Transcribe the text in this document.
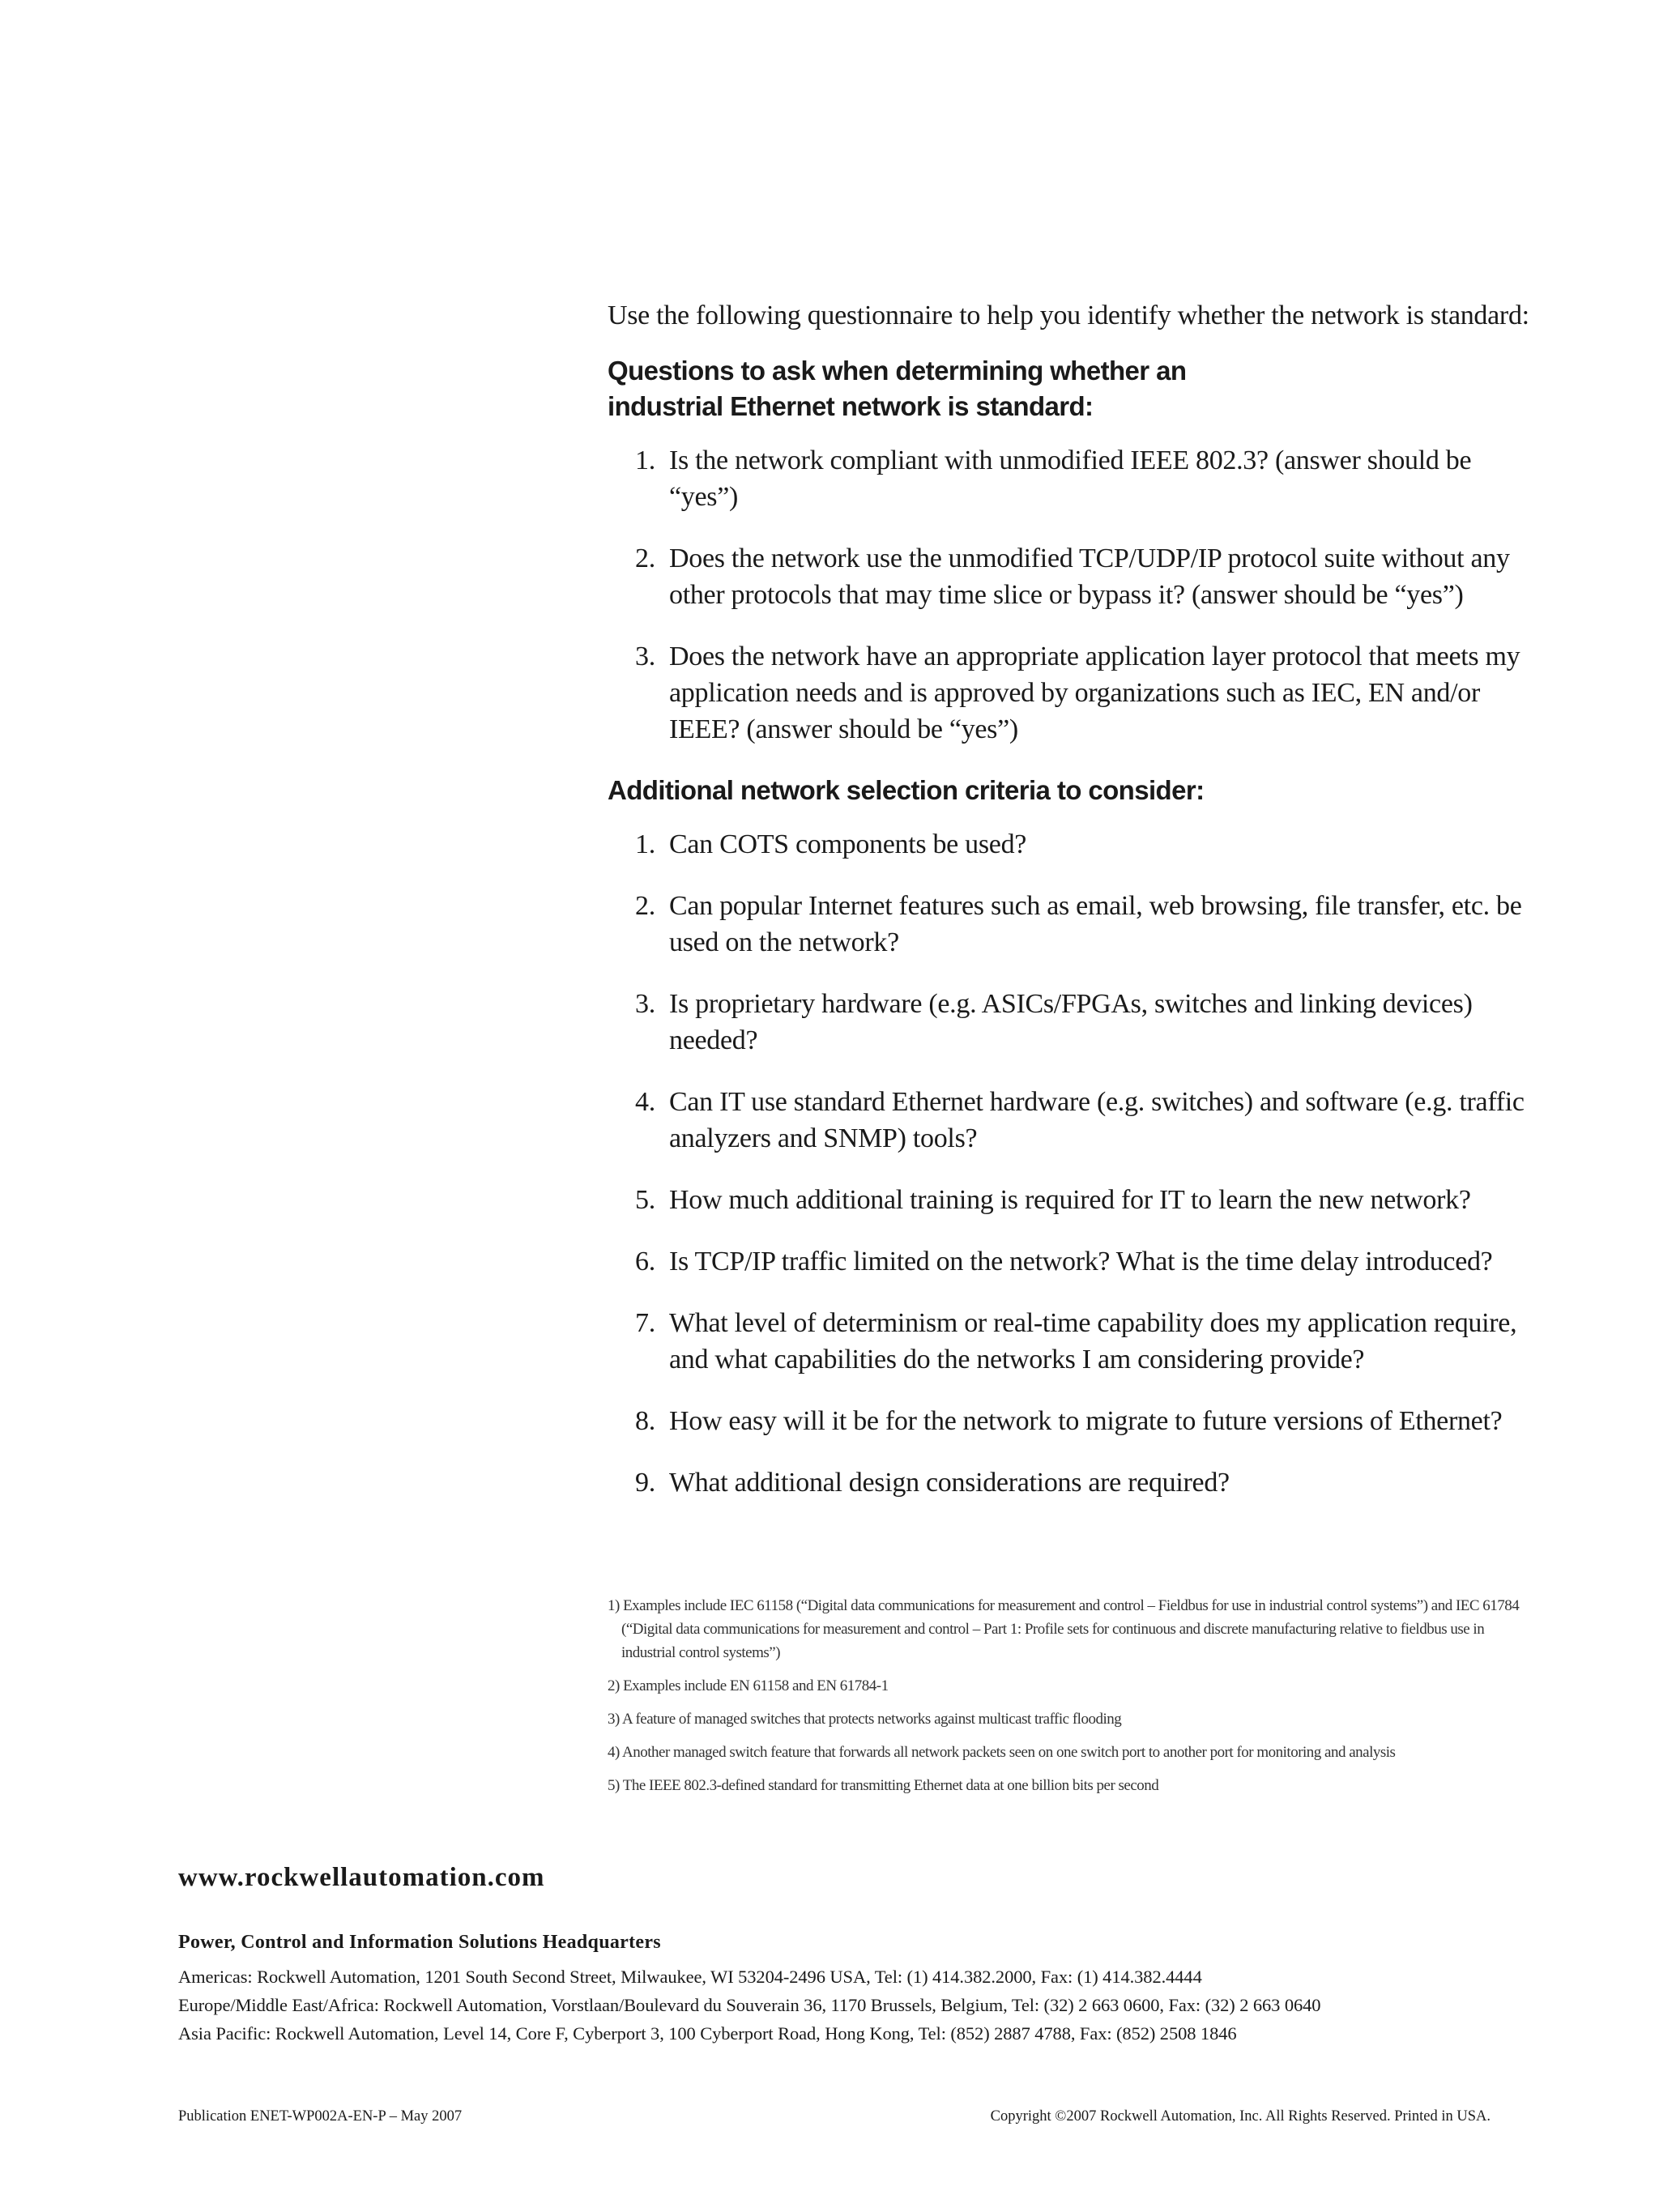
Use the following questionnaire to help you identify whether the network is standard:

Questions to ask when determining whether an
industrial Ethernet network is standard:
1. Is the network compliant with unmodified IEEE 802.3? (answer should be “yes”)
2. Does the network use the unmodified TCP/UDP/IP protocol suite without any other protocols that may time slice or bypass it? (answer should be “yes”)
3. Does the network have an appropriate application layer protocol that meets my application needs and is approved by organizations such as IEC, EN and/or IEEE? (answer should be “yes”)
Additional network selection criteria to consider:
1. Can COTS components be used?
2. Can popular Internet features such as email, web browsing, file transfer, etc. be used on the network?
3. Is proprietary hardware (e.g. ASICs/FPGAs, switches and linking devices) needed?
4. Can IT use standard Ethernet hardware (e.g. switches) and software (e.g. traffic analyzers and SNMP) tools?
5. How much additional training is required for IT to learn the new network?
6. Is TCP/IP traffic limited on the network? What is the time delay introduced?
7. What level of determinism or real-time capability does my application require, and what capabilities do the networks I am considering provide?
8. How easy will it be for the network to migrate to future versions of Ethernet?
9. What additional design considerations are required?

1) Examples include IEC 61158 (“Digital data communications for measurement and control – Fieldbus for use in industrial control systems”) and IEC 61784 (“Digital data communications for measurement and control – Part 1: Profile sets for continuous and discrete manufacturing relative to fieldbus use in industrial control systems”)

2) Examples include EN 61158 and EN 61784-1

3) A feature of managed switches that protects networks against multicast traffic flooding

4) Another managed switch feature that forwards all network packets seen on one switch port to another port for monitoring and analysis

5) The IEEE 802.3-defined standard for transmitting Ethernet data at one billion bits per second

www.rockwellautomation.com
Power, Control and Information Solutions Headquarters
Americas: Rockwell Automation, 1201 South Second Street, Milwaukee, WI 53204-2496 USA, Tel: (1) 414.382.2000, Fax: (1) 414.382.4444
Europe/Middle East/Africa: Rockwell Automation, Vorstlaan/Boulevard du Souverain 36, 1170 Brussels, Belgium, Tel: (32) 2 663 0600, Fax: (32) 2 663 0640
Asia Pacific: Rockwell Automation, Level 14, Core F, Cyberport 3, 100 Cyberport Road, Hong Kong, Tel: (852) 2887 4788, Fax: (852) 2508 1846
Publication ENET-WP002A-EN-P – May 2007	Copyright ©2007 Rockwell Automation, Inc. All Rights Reserved. Printed in USA.
